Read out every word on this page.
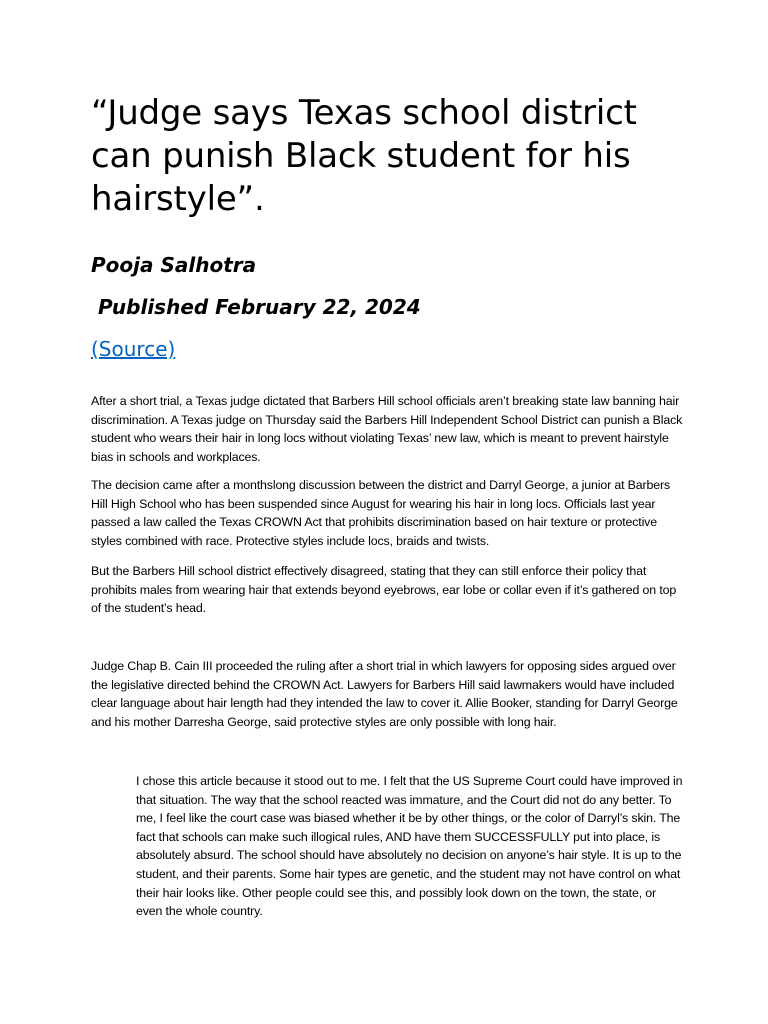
“Judge says Texas school district can punish Black student for his hairstyle”.

Pooja Salhotra

Published February 22, 2024

(Source)

After a short trial, a Texas judge dictated that Barbers Hill school officials aren’t breaking state law banning hair discrimination. A Texas judge on Thursday said the Barbers Hill Independent School District can punish a Black student who wears their hair in long locs without violating Texas’ new law, which is meant to prevent hairstyle bias in schools and workplaces.

The decision came after a monthslong discussion between the district and Darryl George, a junior at Barbers Hill High School who has been suspended since August for wearing his hair in long locs. Officials last year passed a law called the Texas CROWN Act that prohibits discrimination based on hair texture or protective styles combined with race. Protective styles include locs, braids and twists.

But the Barbers Hill school district effectively disagreed, stating that they can still enforce their policy that prohibits males from wearing hair that extends beyond eyebrows, ear lobe or collar even if it’s gathered on top of the student’s head.

Judge Chap B. Cain III proceeded the ruling after a short trial in which lawyers for opposing sides argued over the legislative directed behind the CROWN Act. Lawyers for Barbers Hill said lawmakers would have included clear language about hair length had they intended the law to cover it. Allie Booker, standing for Darryl George and his mother Darresha George, said protective styles are only possible with long hair.

I chose this article because it stood out to me. I felt that the US Supreme Court could have improved in that situation. The way that the school reacted was immature, and the Court did not do any better. To me, I feel like the court case was biased whether it be by other things, or the color of Darryl’s skin. The fact that schools can make such illogical rules, AND have them SUCCESSFULLY put into place, is absolutely absurd. The school should have absolutely no decision on anyone’s hair style. It is up to the student, and their parents. Some hair types are genetic, and the student may not have control on what their hair looks like. Other people could see this, and possibly look down on the town, the state, or even the whole country.
